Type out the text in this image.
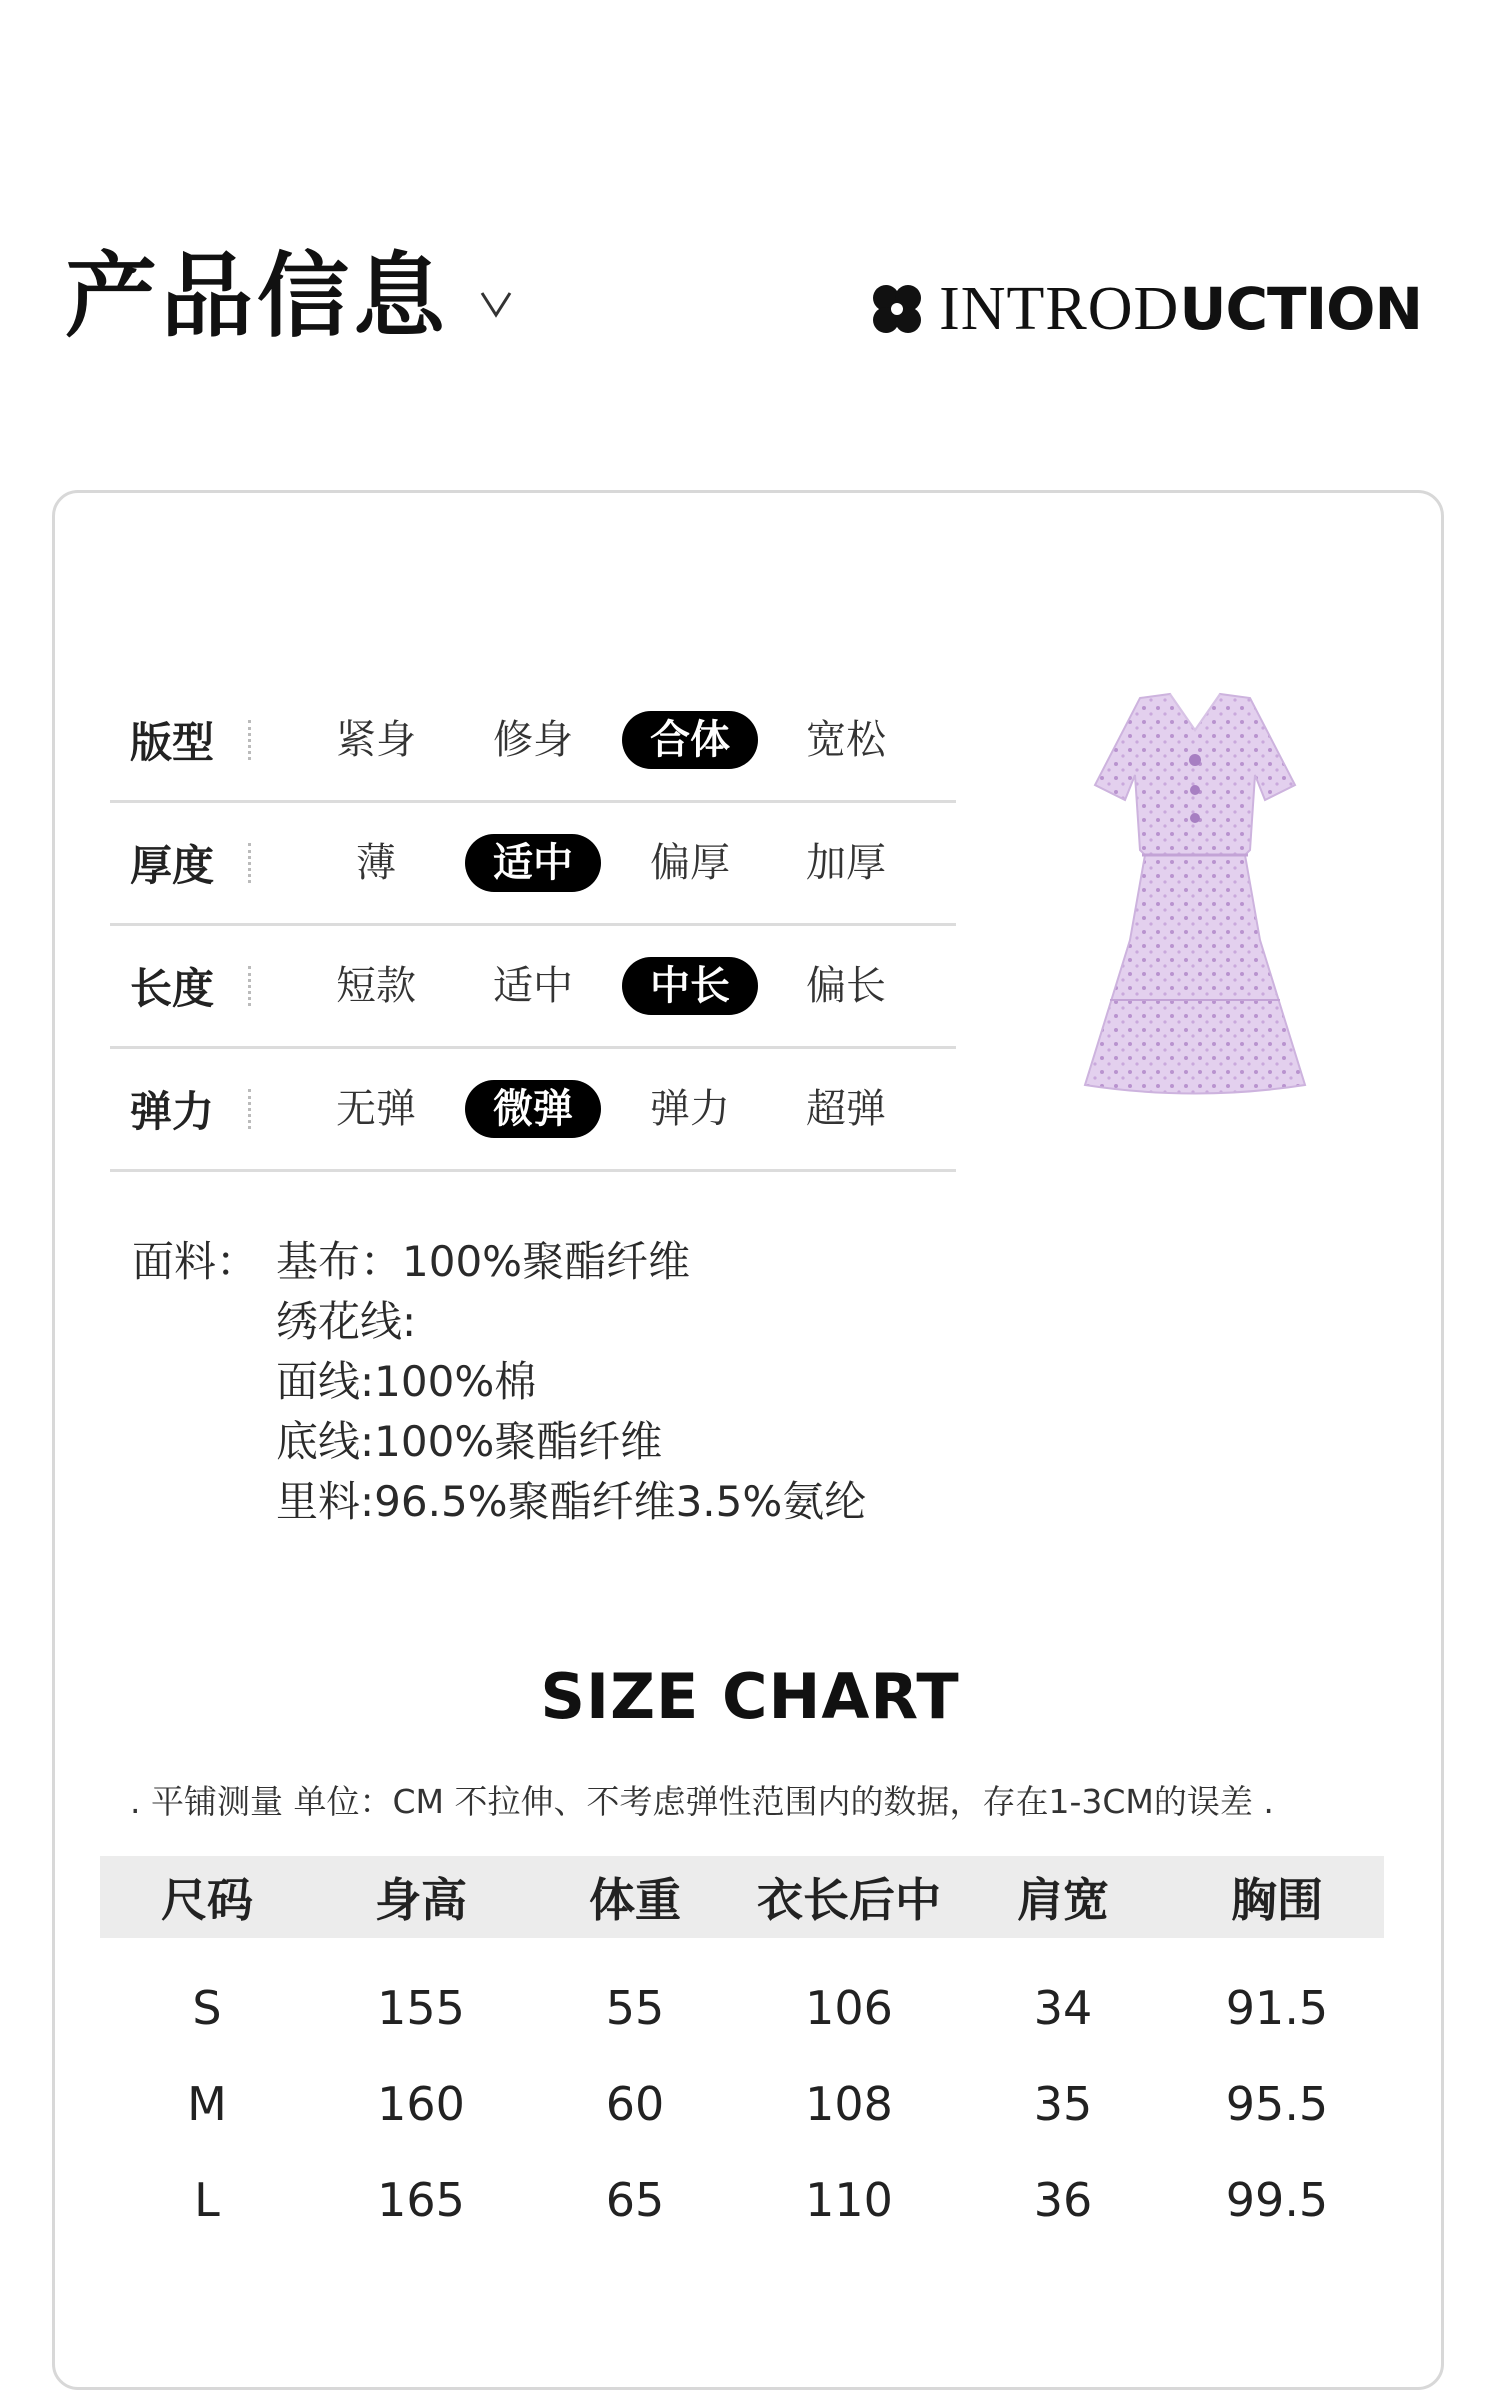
产品信息	INTRODUCTION
版型	紧身	修身	合体	宽松
厚度	薄	适中	偏厚	加厚
长度	短款	适中	中长	偏长
弹力	无弹	微弹	弹力	超弹
面料： 基布：100%聚酯纤维
绣花线:
面线:100%棉
底线:100%聚酯纤维
里料:96.5%聚酯纤维3.5%氨纶
SIZE CHART
. 平铺测量 单位：CM 不拉伸、不考虑弹性范围内的数据，存在1-3CM的误差 .
尺码	身高	体重	衣长后中	肩宽	胸围
S	155	55	106	34	91.5
M	160	60	108	35	95.5
L	165	65	110	36	99.5
